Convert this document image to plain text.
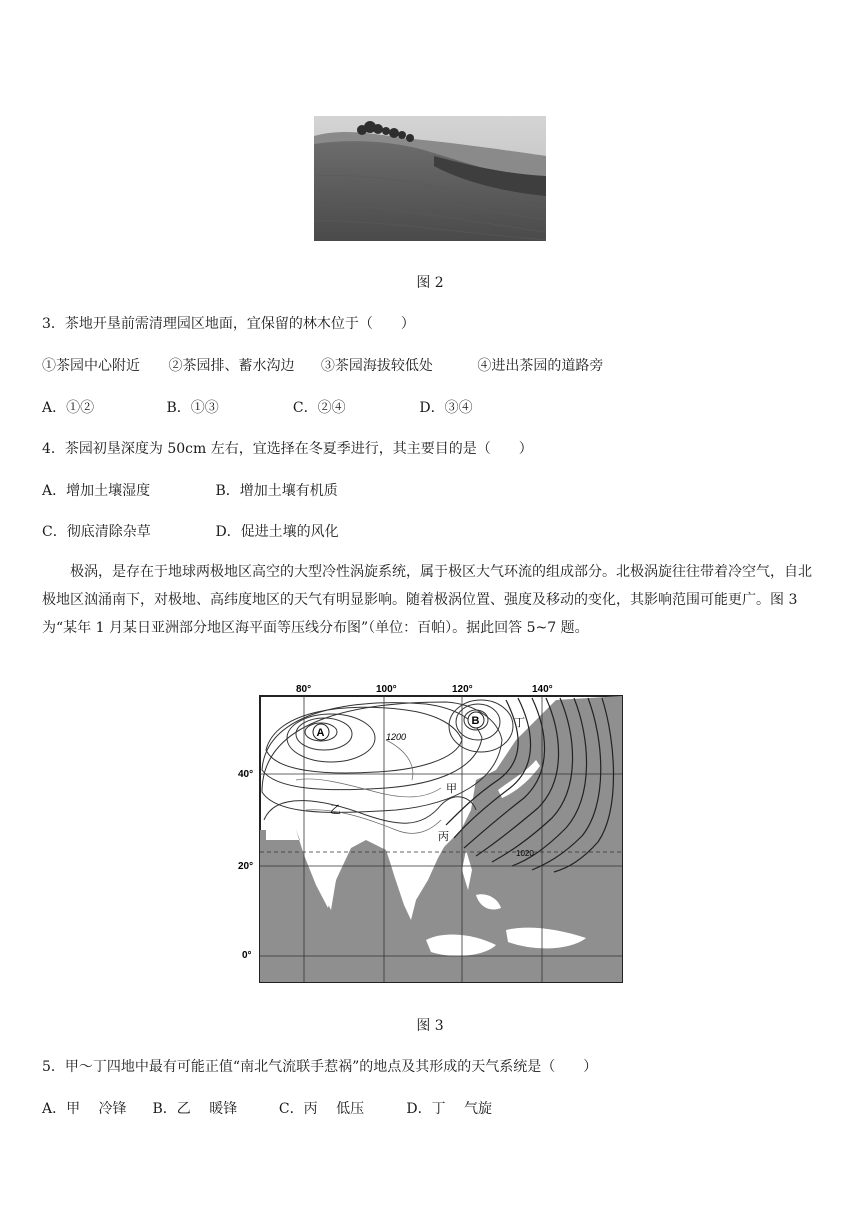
图 2
3．茶地开垦前需清理园区地面，宜保留的林木位于（　　）
①茶园中心附近 ②茶园排、蓄水沟边 ③茶园海拔较低处	④进出茶园的道路旁
A．①②	B．①③	C．②④	D．③④
4．茶园初垦深度为 50cm 左右，宜选择在冬夏季进行，其主要目的是（　　）
A．增加土壤湿度	B．增加土壤有机质
C．彻底清除杂草	D．促进土壤的风化
极涡，是存在于地球两极地区高空的大型冷性涡旋系统，属于极区大气环流的组成部分。北极涡旋往往带着冷空气，自北极地区汹涌南下，对极地、高纬度地区的天气有明显影响。随着极涡位置、强度及移动的变化，其影响范围可能更广。图 3 为“某年 1 月某日亚洲部分地区海平面等压线分布图”（单位：百帕）。据此回答 5~7 题。
80°	100°	120°	140°
40°
20°
0°
A
B
甲
乙
丙
丁
1200
1020
图 3
5．甲～丁四地中最有可能正值“南北气流联手惹祸”的地点及其形成的天气系统是（　　）
A．甲　 冷锋 B．乙　 暖锋	C．丙　 低压	D．丁　 气旋
